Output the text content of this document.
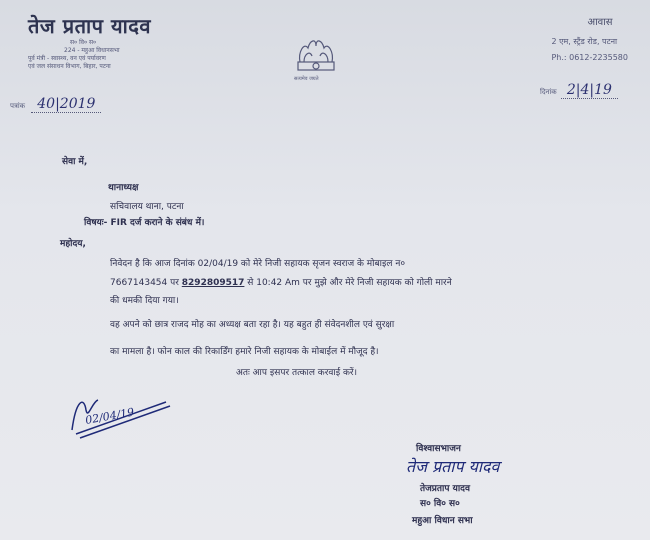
तेज प्रताप यादव
स० वि० स०
224 - महुआ विधानसभा
पूर्व मंत्री - स्वास्थ्य, वन एवं पर्यावरण
एवं जल संसाधन विभाग, बिहार, पटना
सत्यमेव जयते
आवास
2 एम, स्ट्रैंड रोड, पटना
Ph.: 0612-2235580
पत्रांक 40|2019
दिनांक 2|4|19
सेवा में,
थानाध्यक्ष
सचिवालय थाना, पटना
विषयः- FIR दर्ज कराने के संबंध में।
महोदय,
निवेदन है कि आज दिनांक 02/04/19 को मेरे निजी सहायक सृजन स्वराज के मोबाइल न०
7667143454 पर 8292809517 से 10:42 Am पर मुझे और मेरे निजी सहायक को गोली मारने
की धमकी दिया गया।
वह अपने को छात्र राजद मोह का अध्यक्ष बता रहा है। यह बहुत ही संवेदनशील एवं सुरक्षा
का मामला है। फोन काल की रिकार्डिंग हमारे निजी सहायक के मोबाईल में मौजूद है।
अतः आप इसपर तत्काल करवाई करें।
02/04/19
विश्वासभाजन
तेज प्रताप यादव
तेजप्रताप यादव
स० वि० स०
महुआ विधान सभा
